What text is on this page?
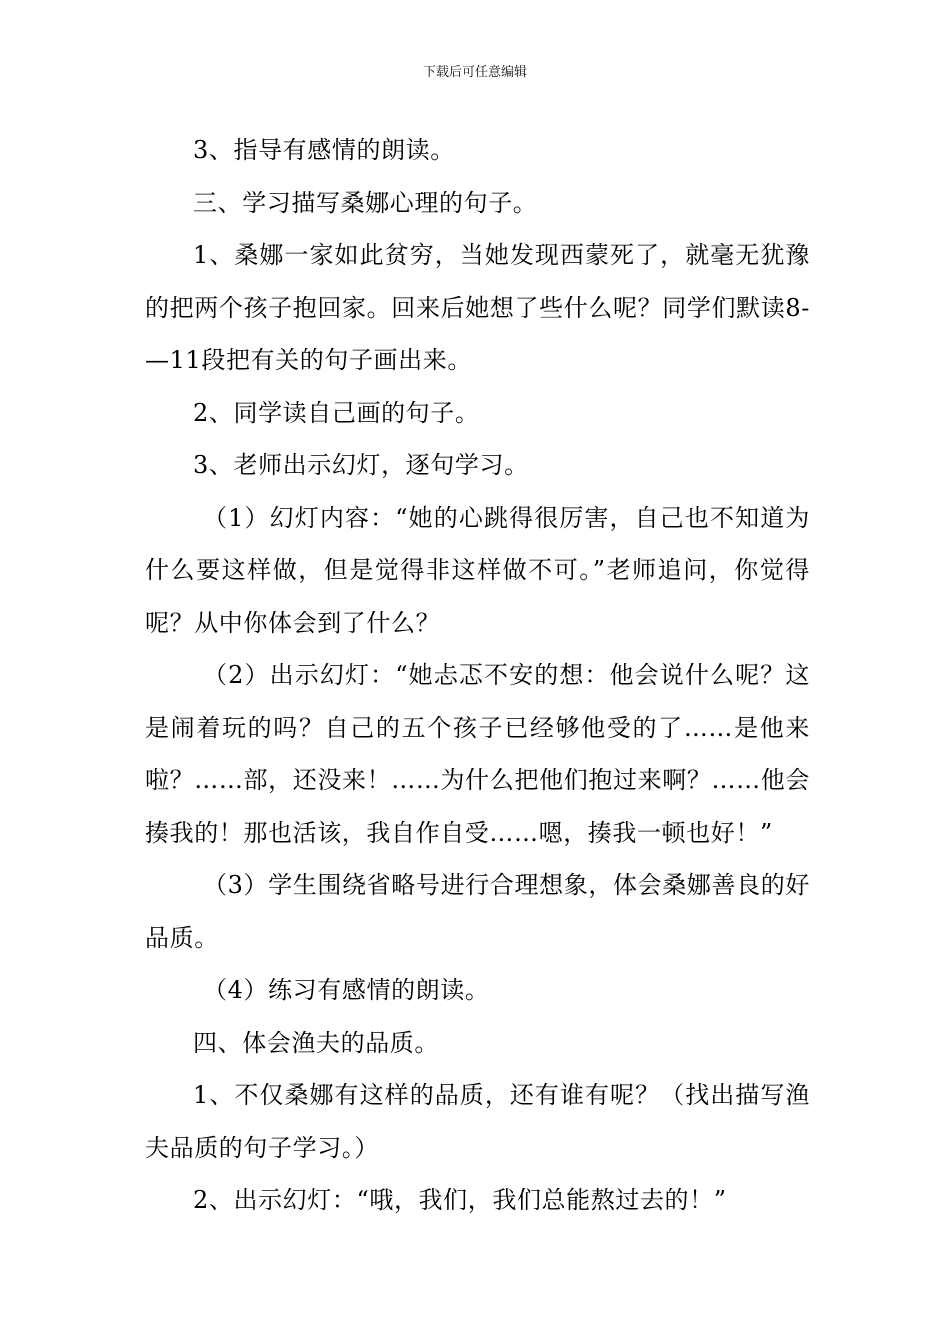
下载后可任意编辑

3、指导有感情的朗读。

三、学习描写桑娜心理的句子。

1、桑娜一家如此贫穷，当她发现西蒙死了，就毫无犹豫的把两个孩子抱回家。回来后她想了些什么呢？同学们默读8-—11段把有关的句子画出来。

2、同学读自己画的句子。

3、老师出示幻灯，逐句学习。

（1）幻灯内容：“她的心跳得很厉害，自己也不知道为什么要这样做，但是觉得非这样做不可。”老师追问，你觉得呢？从中你体会到了什么？

（2）出示幻灯：“她忐忑不安的想：他会说什么呢？这是闹着玩的吗？自己的五个孩子已经够他受的了……是他来啦？……部，还没来！……为什么把他们抱过来啊？……他会揍我的！那也活该，我自作自受……嗯，揍我一顿也好！”

（3）学生围绕省略号进行合理想象，体会桑娜善良的好品质。

（4）练习有感情的朗读。

四、体会渔夫的品质。

1、不仅桑娜有这样的品质，还有谁有呢？（找出描写渔夫品质的句子学习。）

2、出示幻灯：“哦，我们，我们总能熬过去的！”
